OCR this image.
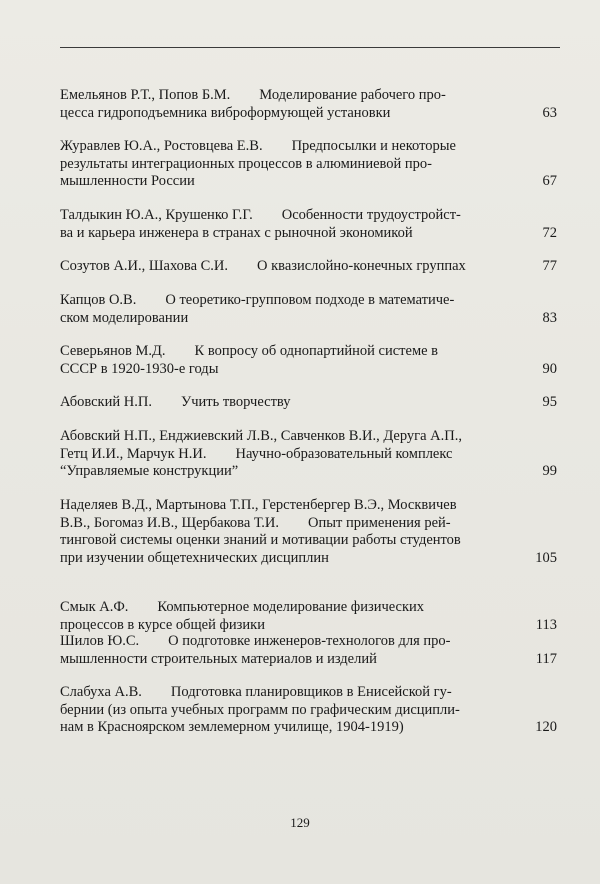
Емельянов Р.Т., Попов Б.М.        Моделирование рабочего про-
цесса гидроподъемника виброформующей установки	63
Журавлев Ю.А., Ростовцева Е.В.        Предпосылки и некоторые
результаты интеграционных процессов в алюминиевой про-
мышленности России	67
Талдыкин Ю.А., Крушенко Г.Г.        Особенности трудоустройст-
ва и карьера инженера в странах с рыночной экономикой	72
Созутов А.И., Шахова С.И.        О квазислойно-конечных группах	77
Капцов О.В.        О теоретико-групповом подходе в математиче-
ском моделировании	83
Северьянов М.Д.        К вопросу об однопартийной системе в
СССР в 1920-1930-е годы	90
Абовский Н.П.        Учить творчеству	95
Абовский Н.П., Енджиевский Л.В., Савченков В.И., Деруга А.П.,
Гетц И.И., Марчук Н.И.        Научно-образовательный комплекс
“Управляемые конструкции”	99
Наделяев В.Д., Мартынова Т.П., Герстенбергер В.Э., Москвичев
В.В., Богомаз И.В., Щербакова Т.И.        Опыт применения рей-
тинговой системы оценки знаний и мотивации работы студентов
при изучении общетехнических дисциплин	105
Смык А.Ф.        Компьютерное моделирование физических
процессов в курсе общей физики	113
Шилов Ю.С.        О подготовке инженеров-технологов для про-
мышленности строительных материалов и изделий	117
Слабуха А.В.        Подготовка планировщиков в Енисейской гу-
бернии (из опыта учебных программ по графическим дисципли-
нам в Красноярском землемерном училище, 1904-1919)	120
129
